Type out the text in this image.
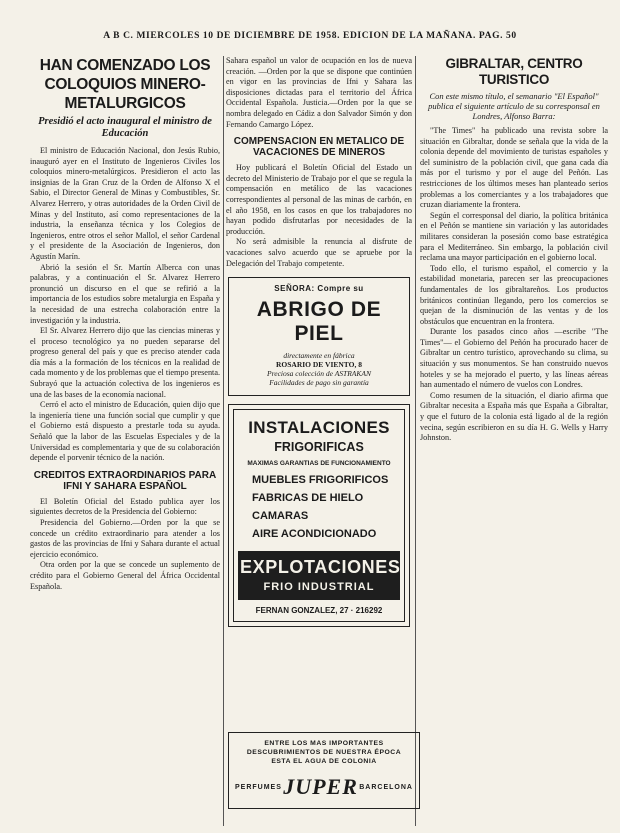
A B C. MIERCOLES 10 DE DICIEMBRE DE 1958. EDICION DE LA MAÑANA. PAG. 50
HAN COMENZADO LOS COLOQUIOS MINERO-METALURGICOS
Presidió el acto inaugural el ministro de Educación

El ministro de Educación Nacional, don Jesús Rubio, inauguró ayer en el Instituto de Ingenieros Civiles los coloquios minero-metalúrgicos. Presidieron el acto las insignias de la Gran Cruz de la Orden de Alfonso X el Sabio, el Director General de Minas y Combustibles, Sr. Alvarez Herrero, y otras autoridades de la Orden Civil de Minas y del Instituto, así como representaciones de la industria, la enseñanza técnica y los Colegios de Ingenieros, entre otros el señor Mallol, el señor Cardenal y el presidente de la Asociación de Ingenieros, don Agustín Marín.

Abrió la sesión el Sr. Martín Alberca con unas palabras, y a continuación el Sr. Alvarez Herrero pronunció un discurso en el que se refirió a la importancia de los estudios sobre metalurgia en España y la necesidad de una estrecha colaboración entre la investigación y la industria.

El Sr. Alvarez Herrero dijo que las ciencias mineras y el proceso tecnológico ya no pueden separarse del progreso general del país y que es preciso atender cada día más a la formación de los técnicos en la realidad de cada momento y de los problemas que el tiempo presenta. Subrayó que la actuación colectiva de los ingenieros es una de las bases de la economía nacional.

Cerró el acto el ministro de Educación, quien dijo que la ingeniería tiene una función social que cumplir y que el Gobierno está dispuesto a prestarle toda su ayuda. Señaló que la labor de las Escuelas Especiales y de la Universidad es complementaria y que de su colaboración depende el porvenir técnico de la nación.

CREDITOS EXTRAORDINARIOS PARA IFNI Y SAHARA ESPAÑOL

El Boletín Oficial del Estado publica ayer los siguientes decretos de la Presidencia del Gobierno:

Presidencia del Gobierno.—Orden por la que se concede un crédito extraordinario para atender a los gastos de las provincias de Ifni y Sahara durante el actual ejercicio económico.

Otra orden por la que se concede un suplemento de crédito para el Gobierno General del África Occidental Española.

Sahara español un valor de ocupación en los de nueva creación. —Orden por la que se dispone que continúen en vigor en las provincias de Ifni y Sahara las disposiciones dictadas para el territorio del África Occidental Española. Justicia.—Orden por la que se nombra delegado en Cádiz a don Salvador Simón y don Fernando Camargo López.

COMPENSACION EN METALICO DE VACACIONES DE MINEROS

Hoy publicará el Boletín Oficial del Estado un decreto del Ministerio de Trabajo por el que se regula la compensación en metálico de las vacaciones correspondientes al personal de las minas de carbón, en el año 1958, en los casos en que los trabajadores no hayan podido disfrutarlas por necesidades de la producción.

No será admisible la renuncia al disfrute de vacaciones salvo acuerdo que se apruebe por la Delegación del Trabajo competente.

SEÑORA: Compre su
ABRIGO DE PIEL
directamente en fábrica
ROSARIO DE VIENTO, 8
Preciosa colección de ASTRAKAN
Facilidades de pago sin garantía
INSTALACIONES
FRIGORIFICAS
MAXIMAS GARANTIAS DE FUNCIONAMIENTO
MUEBLES FRIGORIFICOS
FABRICAS DE HIELO
CAMARAS
AIRE ACONDICIONADO
EXPLOTACIONES
FRIO INDUSTRIAL
FERNAN GONZALEZ, 27 · 216292
GIBRALTAR, CENTRO TURISTICO
Con este mismo título, el semanario "El Español" publica el siguiente artículo de su corresponsal en Londres, Alfonso Barra:

"The Times" ha publicado una revista sobre la situación en Gibraltar, donde se señala que la vida de la colonia depende del movimiento de turistas españoles y del suministro de la población civil, que gana cada día más por el turismo y por el auge del Peñón. Las restricciones de los últimos meses han planteado serios problemas a los comerciantes y a los trabajadores que cruzan diariamente la frontera.

Según el corresponsal del diario, la política británica en el Peñón se mantiene sin variación y las autoridades militares consideran la posesión como base estratégica para el Mediterráneo. Sin embargo, la población civil reclama una mayor participación en el gobierno local.

Todo ello, el turismo español, el comercio y la estabilidad monetaria, parecen ser las preocupaciones fundamentales de los gibraltareños. Los productos británicos continúan llegando, pero los comercios se quejan de la disminución de las ventas y de los obstáculos que encuentran en la frontera.

Durante los pasados cinco años —escribe "The Times"— el Gobierno del Peñón ha procurado hacer de Gibraltar un centro turístico, aprovechando su clima, su situación y sus monumentos. Se han construido nuevos hoteles y se ha mejorado el puerto, y las líneas aéreas han aumentado el número de vuelos con Londres.

Como resumen de la situación, el diario afirma que Gibraltar necesita a España más que España a Gibraltar, y que el futuro de la colonia está ligado al de la región vecina, según escribieron en su día H. G. Wells y Harry Johnston.

ENTRE LOS MAS IMPORTANTES
DESCUBRIMIENTOS DE NUESTRA ÉPOCA
ESTA EL AGUA DE COLONIA
PERFUMES JUPER BARCELONA
